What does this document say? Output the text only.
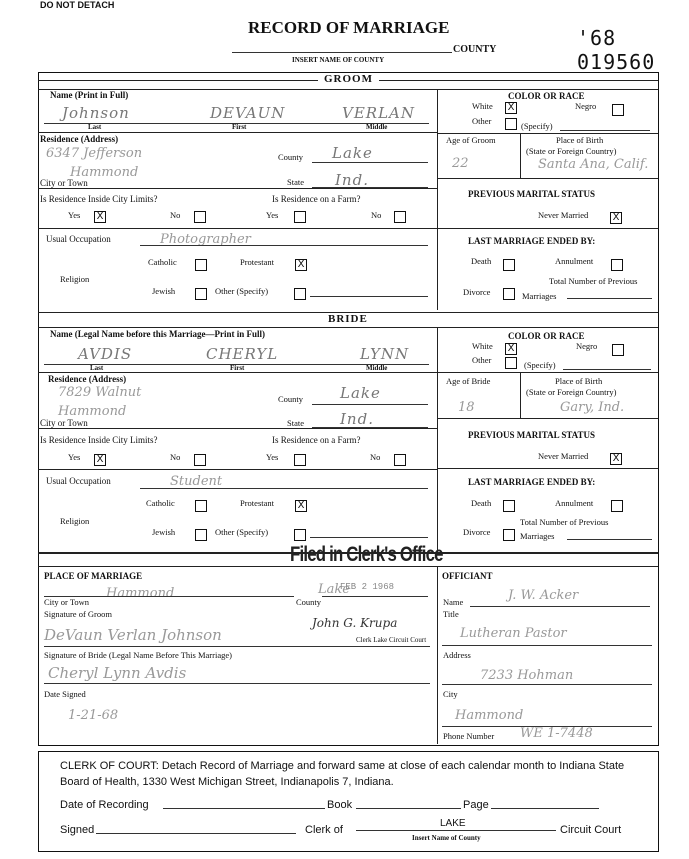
DO NOT DETACH
RECORD OF MARRIAGE
COUNTY
INSERT NAME OF COUNTY
'68 019560
GROOM
Name (Print in Full)
Johnson	DEVAUN	VERLAN
Last	First	Middle
Residence (Address)
6347 Jefferson
Hammond
City or Town
County Lake
State Ind.
COLOR OR RACE
White X	Negro
Other	(Specify)
Age of Groom	Place of Birth
(State or Foreign Country)
22	Santa Ana, Calif.
PREVIOUS MARITAL STATUS
Never Married X
LAST MARRIAGE ENDED BY:
Death	Annulment
Total Number of Previous
Divorce	Marriages
Is Residence Inside City Limits?	Is Residence on a Farm?
Yes X	No	Yes	No
Usual Occupation	Photographer
Catholic	Protestant X
Religion
Jewish	Other (Specify)
BRIDE
Name (Legal Name before this Marriage—Print in Full)
AVDIS	CHERYL	LYNN
Last	First	Middle
Residence (Address)
7829 Walnut
Hammond
City or Town
County Lake
State Ind.
COLOR OR RACE
White X	Negro
Other	(Specify)
Age of Bride	Place of Birth
(State or Foreign Country)
18	Gary, Ind.
PREVIOUS MARITAL STATUS
Never Married X
LAST MARRIAGE ENDED BY:
Death	Annulment
Total Number of Previous
Divorce	Marriages
Is Residence Inside City Limits?	Is Residence on a Farm?
Yes X	No	Yes	No
Usual Occupation	Student
Catholic	Protestant X
Religion
Jewish	Other (Specify)
Filed in Clerk's Office
PLACE OF MARRIAGE
Hammond
City or Town	County
Lake
FEB 2 1968
Signature of Groom
DeVaun Verlan Johnson
John G. Krupa
Clerk Lake Circuit Court
Signature of Bride (Legal Name Before This Marriage)
Cheryl Lynn Avdis
Date Signed
1-21-68
OFFICIANT
Name	J. W. Acker
Title
Lutheran Pastor
Address
7233 Hohman
City
Hammond
Phone Number WE 1-7448
CLERK OF COURT: Detach Record of Marriage and forward same at close of each calendar month to Indiana State Board of Health, 1330 West Michigan Street, Indianapolis 7, Indiana.
Date of Recording	Book	Page
Signed	Clerk of
LAKE
Insert Name of County
Circuit Court
